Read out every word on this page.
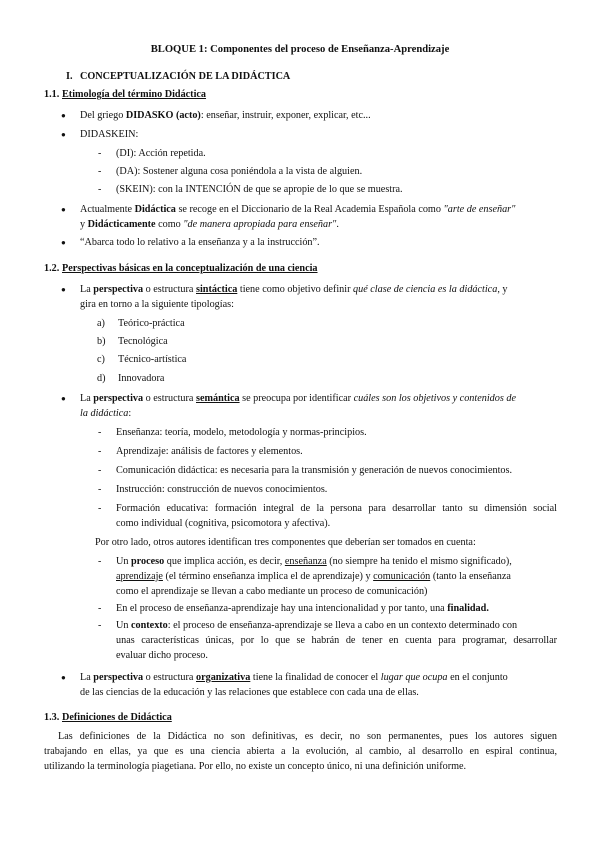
BLOQUE 1: Componentes del proceso de Enseñanza-Aprendizaje
I. CONCEPTUALIZACIÓN DE LA DIDÁCTICA
1.1. Etimología del término Didáctica
● Del griego DIDASKO (acto): enseñar, instruir, exponer, explicar, etc...
● DIDASKEIN:
- (DI): Acción repetida.
- (DA): Sostener alguna cosa poniéndola a la vista de alguien.
- (SKEIN): con la INTENCIÓN de que se apropie de lo que se muestra.
● Actualmente Didáctica se recoge en el Diccionario de la Real Academia Española como "arte de enseñar"
y Didácticamente como "de manera apropiada para enseñar".
● “Abarca todo lo relativo a la enseñanza y a la instrucción”.
1.2. Perspectivas básicas en la conceptualización de una ciencia
● La perspectiva o estructura sintáctica tiene como objetivo definir qué clase de ciencia es la didáctica, y
gira en torno a la siguiente tipologías:
a) Teórico-práctica
b) Tecnológica
c) Técnico-artística
d) Innovadora
● La perspectiva o estructura semántica se preocupa por identificar cuáles son los objetivos y contenidos de
la didáctica:
- Enseñanza: teoría, modelo, metodología y normas-principios.
- Aprendizaje: análisis de factores y elementos.
- Comunicación didáctica: es necesaria para la transmisión y generación de nuevos conocimientos.
- Instrucción: construcción de nuevos conocimientos.
- Formación educativa: formación integral de la persona para desarrollar tanto su dimensión social
como individual (cognitiva, psicomotora y afectiva).
Por otro lado, otros autores identifican tres componentes que deberían ser tomados en cuenta:
- Un proceso que implica acción, es decir, enseñanza (no siempre ha tenido el mismo significado),
aprendizaje (el término enseñanza implica el de aprendizaje) y comunicación (tanto la enseñanza
como el aprendizaje se llevan a cabo mediante un proceso de comunicación)
- En el proceso de enseñanza-aprendizaje hay una intencionalidad y por tanto, una finalidad.
- Un contexto: el proceso de enseñanza-aprendizaje se lleva a cabo en un contexto determinado con
unas características únicas, por lo que se habrán de tener en cuenta para programar, desarrollar
evaluar dicho proceso.
● La perspectiva o estructura organizativa tiene la finalidad de conocer el lugar que ocupa en el conjunto
de las ciencias de la educación y las relaciones que establece con cada una de ellas.
1.3. Definiciones de Didáctica
Las definiciones de la Didáctica no son definitivas, es decir, no son permanentes, pues los autores siguen
trabajando en ellas, ya que es una ciencia abierta a la evolución, al cambio, al desarrollo en espiral continua,
utilizando la terminología piagetiana. Por ello, no existe un concepto único, ni una definición uniforme.
